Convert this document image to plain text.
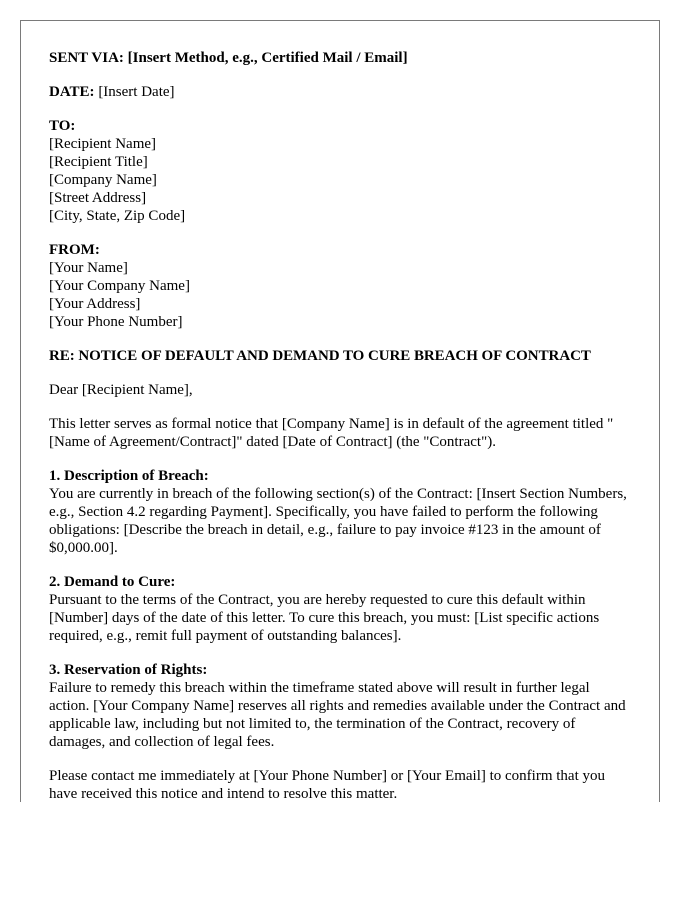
SENT VIA: [Insert Method, e.g., Certified Mail / Email]

DATE: [Insert Date]

TO:
[Recipient Name]
[Recipient Title]
[Company Name]
[Street Address]
[City, State, Zip Code]

FROM:
[Your Name]
[Your Company Name]
[Your Address]
[Your Phone Number]

RE: NOTICE OF DEFAULT AND DEMAND TO CURE BREACH OF CONTRACT

Dear [Recipient Name],

This letter serves as formal notice that [Company Name] is in default of the agreement titled "[Name of Agreement/Contract]" dated [Date of Contract] (the "Contract").

1. Description of Breach:
You are currently in breach of the following section(s) of the Contract: [Insert Section Numbers, e.g., Section 4.2 regarding Payment]. Specifically, you have failed to perform the following obligations: [Describe the breach in detail, e.g., failure to pay invoice #123 in the amount of $0,000.00].

2. Demand to Cure:
Pursuant to the terms of the Contract, you are hereby requested to cure this default within [Number] days of the date of this letter. To cure this breach, you must: [List specific actions required, e.g., remit full payment of outstanding balances].

3. Reservation of Rights:
Failure to remedy this breach within the timeframe stated above will result in further legal action. [Your Company Name] reserves all rights and remedies available under the Contract and applicable law, including but not limited to, the termination of the Contract, recovery of damages, and collection of legal fees.

Please contact me immediately at [Your Phone Number] or [Your Email] to confirm that you have received this notice and intend to resolve this matter.
